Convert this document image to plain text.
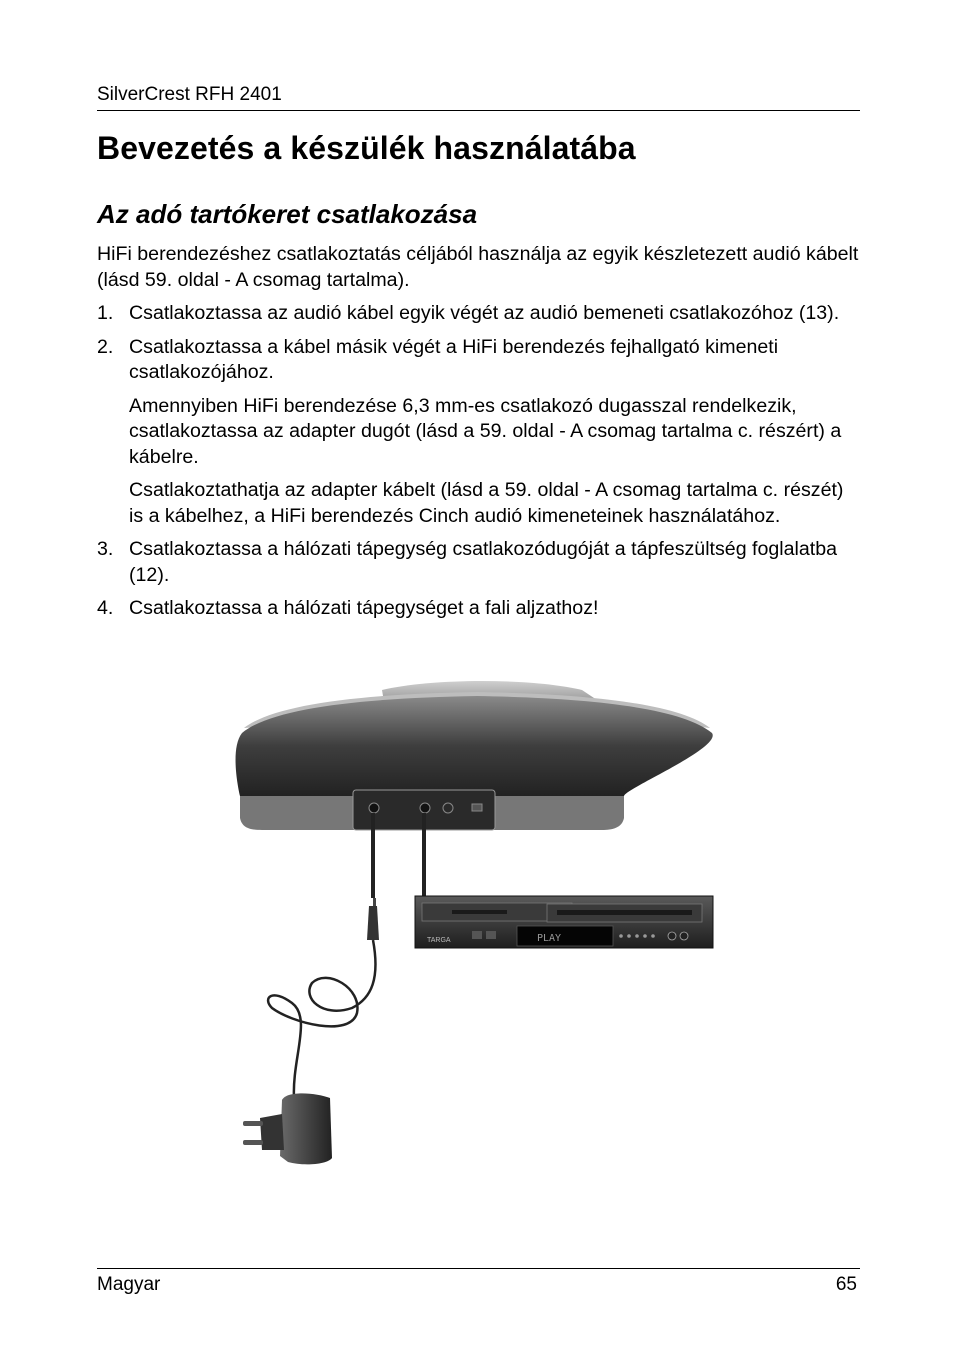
SilverCrest RFH 2401
Bevezetés a készülék használatába
Az adó tartókeret csatlakozása

HiFi berendezéshez csatlakoztatás céljából használja az egyik készletezett audió kábelt (lásd 59. oldal - A csomag tartalma).

1. Csatlakoztassa az audió kábel egyik végét az audió bemeneti csatlakozóhoz (13).

2. Csatlakoztassa a kábel másik végét a HiFi berendezés fejhallgató kimeneti csatlakozójához.

Amennyiben HiFi berendezése 6,3 mm-es csatlakozó dugasszal rendelkezik, csatlakoztassa az adapter dugót (lásd a 59. oldal - A csomag tartalma c. részért) a kábelre.

Csatlakoztathatja az adapter kábelt (lásd a 59. oldal - A csomag tartalma c. részét) is a kábelhez, a HiFi berendezés Cinch audió kimeneteinek használatához.

3. Csatlakoztassa a hálózati tápegység csatlakozódugóját a tápfeszültség foglalatba (12).

4. Csatlakoztassa a hálózati tápegységet a fali aljzathoz!

PLAY
TARGA
Magyar	65
